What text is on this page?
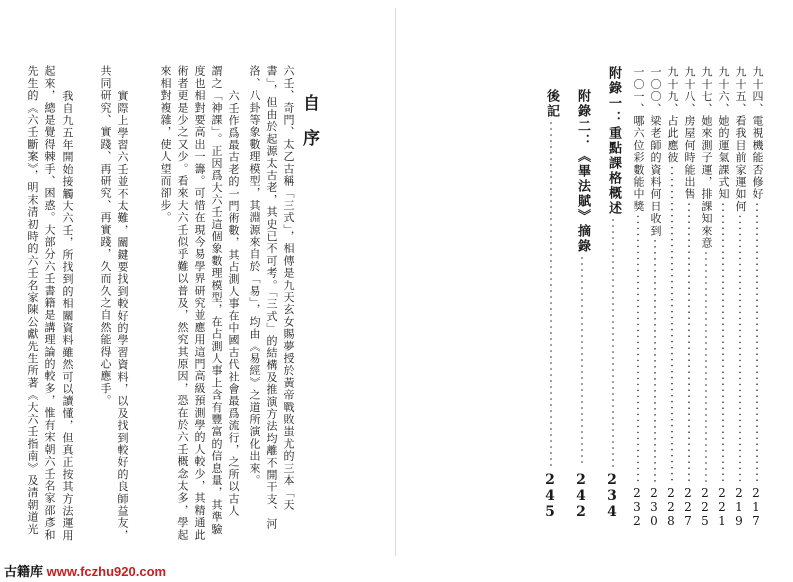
自序
六壬、奇門、太乙古稱「三式」，相傳是九天玄女賜夢授於黃帝戰敗蚩尤的三本「天
書」，但由於起源太古老，其史已不可考。「三式」的結構及推演方法均離不開干支、河
洛、八卦等象數理模型，其淵源來自於「易」，均由《易經》之道所演化出來。
六壬作爲最古老的一門術數，其占測人事在中國古代社會最爲流行，之所以古人
謂之「神課」。正因爲大六壬這個象數理模型，在占測人事上含有豐富的信息量，其準驗
度也相對要高出一籌。可惜在現今易學界研究並應用這門高級預測學的人較少，其精通此
術者更是少之又少。看來大六壬似乎難以普及，然究其原因，恐在於六壬概念太多，學起
來相對複雜，使人望而卻步。
實際上學習六壬並不太難，關鍵要找到較好的學習資料，以及找到較好的良師益友，
共同研究、實踐、再研究、再實踐，久而久之自然能得心應手。
我自九五年開始接觸大六壬，所找到的相關資料雖然可以讀懂，但真正按其方法運用
起來，總是覺得棘手、困惑。大部分六壬書籍是講理論的較多，惟有宋朝六壬名家邵彥和
先生的《六壬斷案》，明末清初時的六壬名家陳公獻先生所著《大六壬指南》及清朝道光	九十四、電視機能否修好
217
九十五、看我目前家運如何
219
九十六、她的運氣課式知
221
九十七、她來測子運，排課知來意
225
九十八、房屋何時能出售
227
九十九、占此應彼
228
一〇〇、梁老師的資料何日收到
230
一〇一、哪六位彩數能中獎
232
附錄一：重點課格概述
234
附錄二：《畢法賦》摘錄
242
後記
245
古籍库 www.fczhu920.com
